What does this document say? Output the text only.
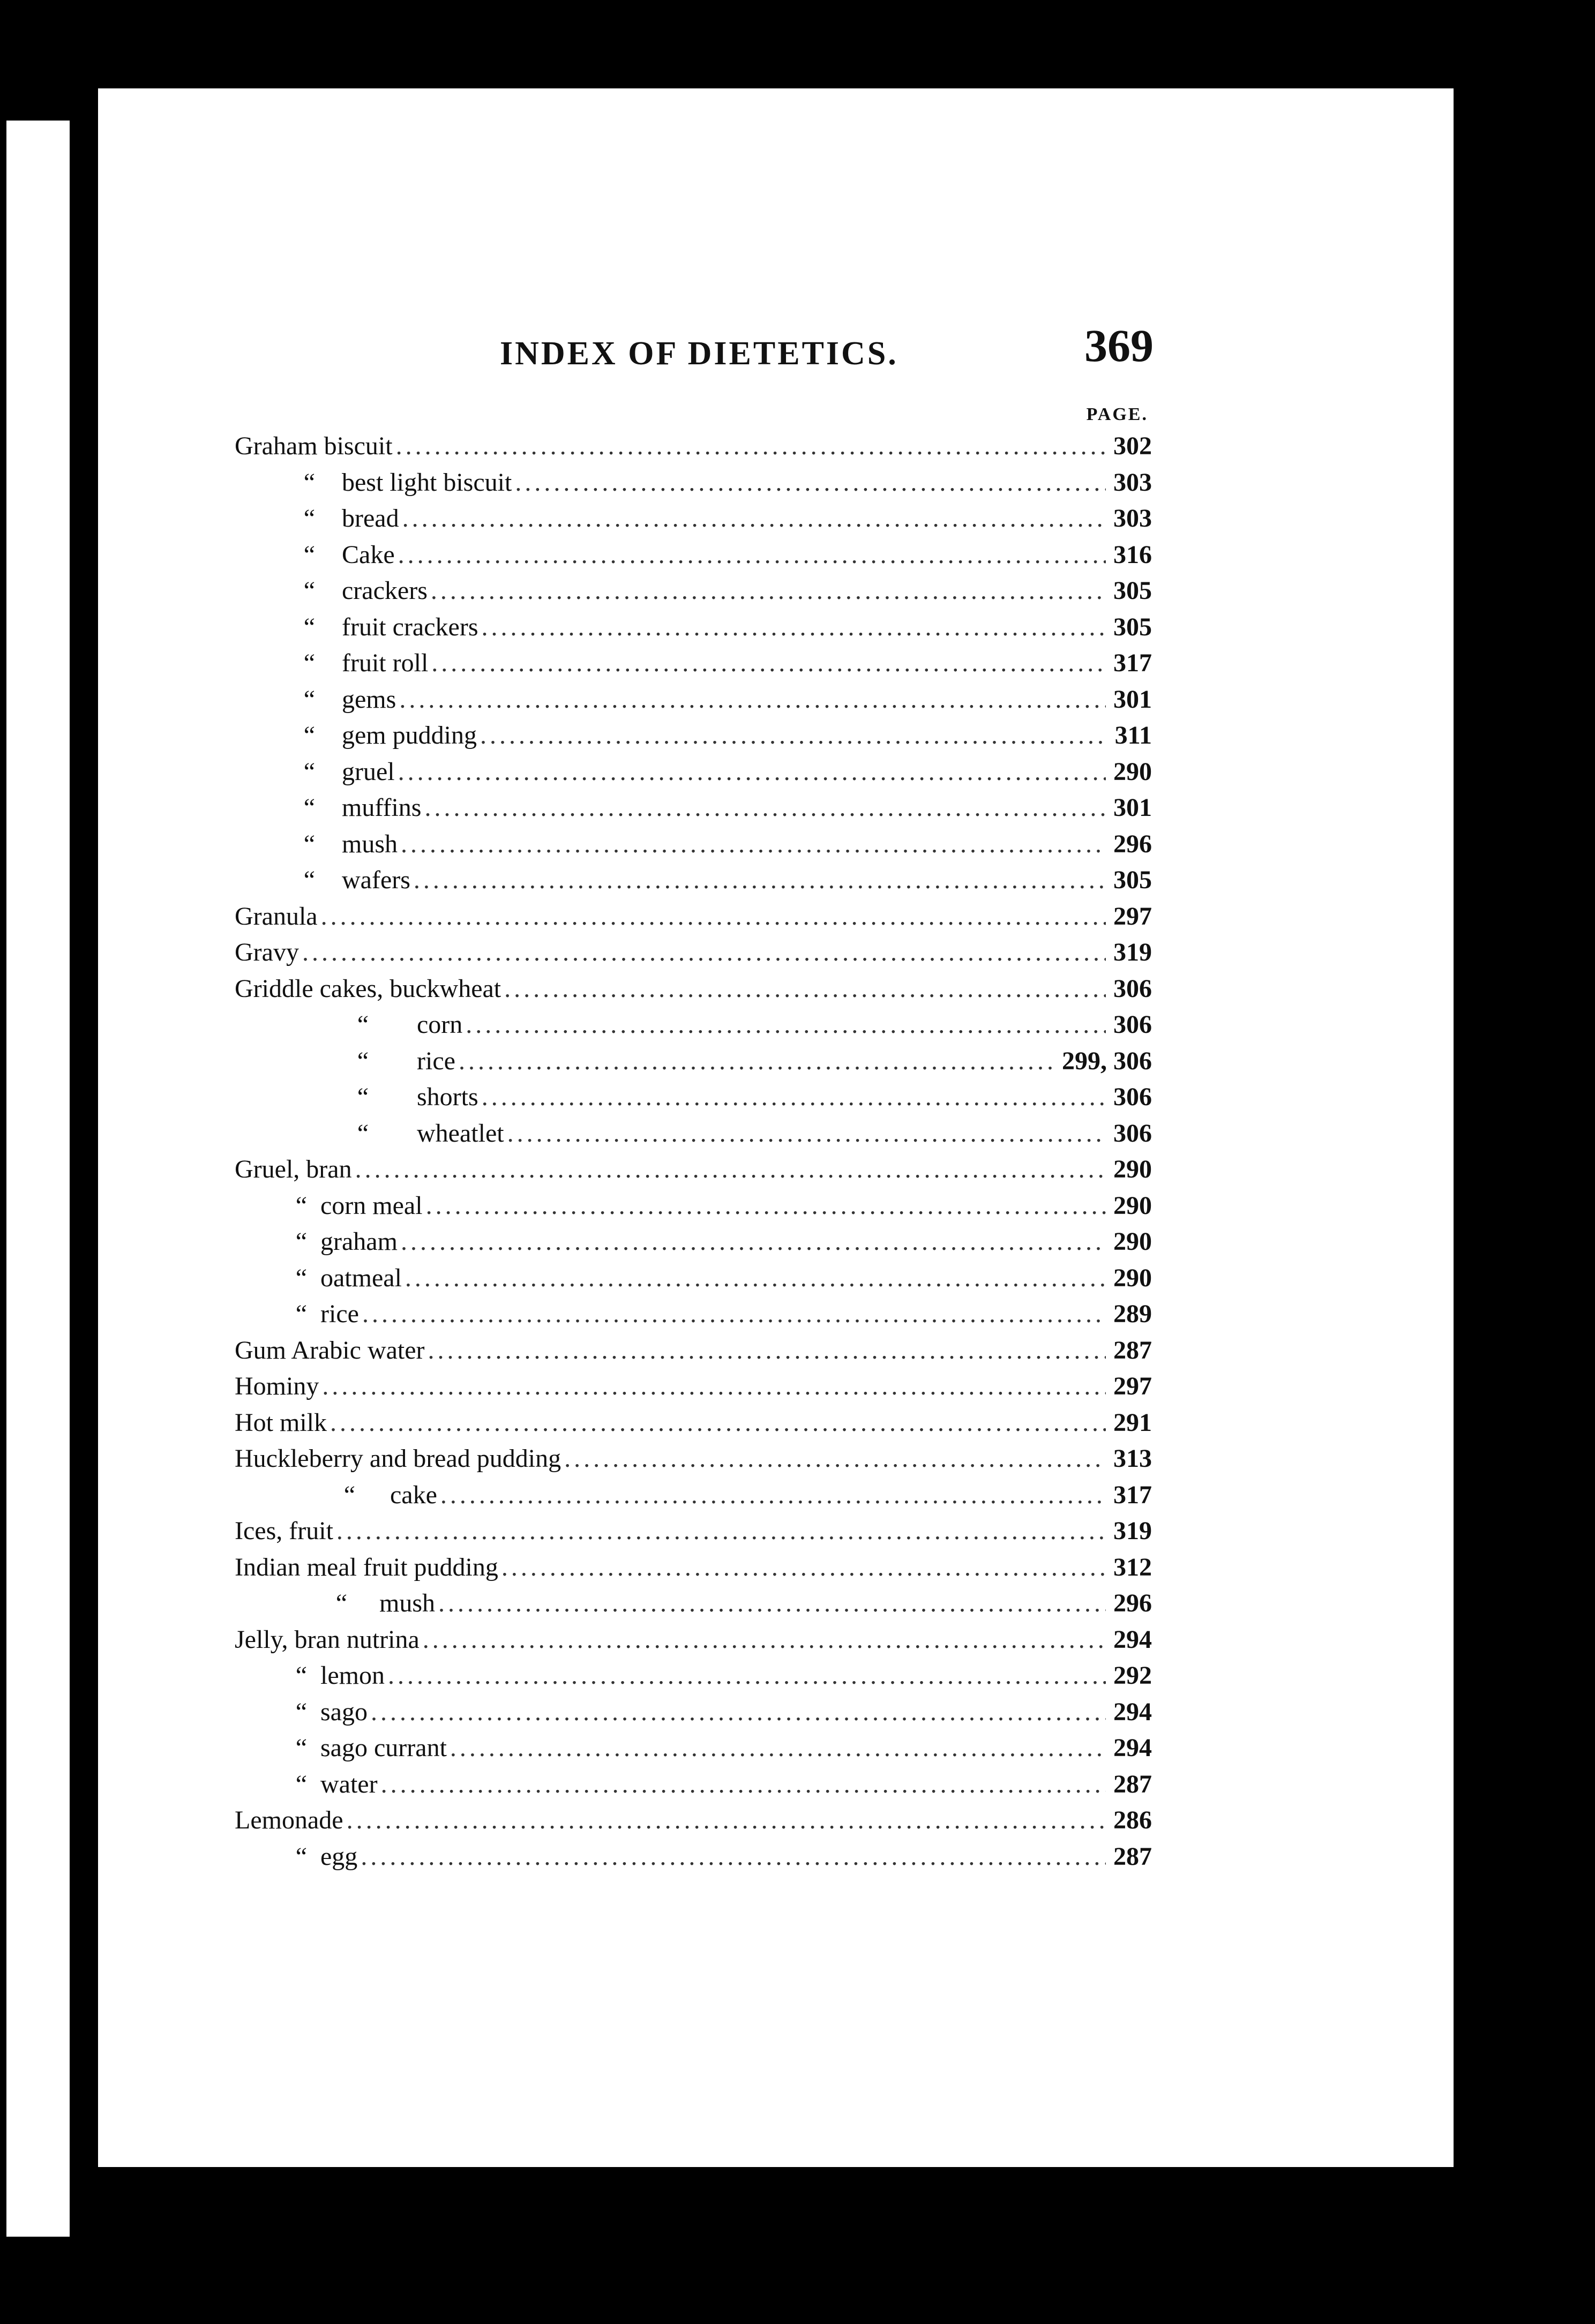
INDEX OF DIETETICS.	369
PAGE.
Graham biscuit .....	302
“	best light biscuit .....	303
“	bread .....	303
“	Cake .....	316
“	crackers .....	305
“	fruit crackers .....	305
“	fruit roll .....	317
“	gems .....	301
“	gem pudding .....	311
“	gruel .....	290
“	muffins .....	301
“	mush .....	296
“	wafers .....	305
Granula .....	297
Gravy .....	319
Griddle cakes, buckwheat .....	306
“	corn .....	306
“	rice .....	299, 306
“	shorts .....	306
“	wheatlet .....	306
Gruel, bran .....	290
“ corn meal .....	290
“ graham .....	290
“ oatmeal .....	290
“ rice .....	289
Gum Arabic water .....	287
Hominy .....	297
Hot milk .....	291
Huckleberry and bread pudding .....	313
“	cake .....	317
Ices, fruit .....	319
Indian meal fruit pudding .....	312
“	mush .....	296
Jelly, bran nutrina .....	294
“ lemon .....	292
“ sago .....	294
“ sago currant .....	294
“ water .....	287
Lemonade .....	286
“ egg .....	287
